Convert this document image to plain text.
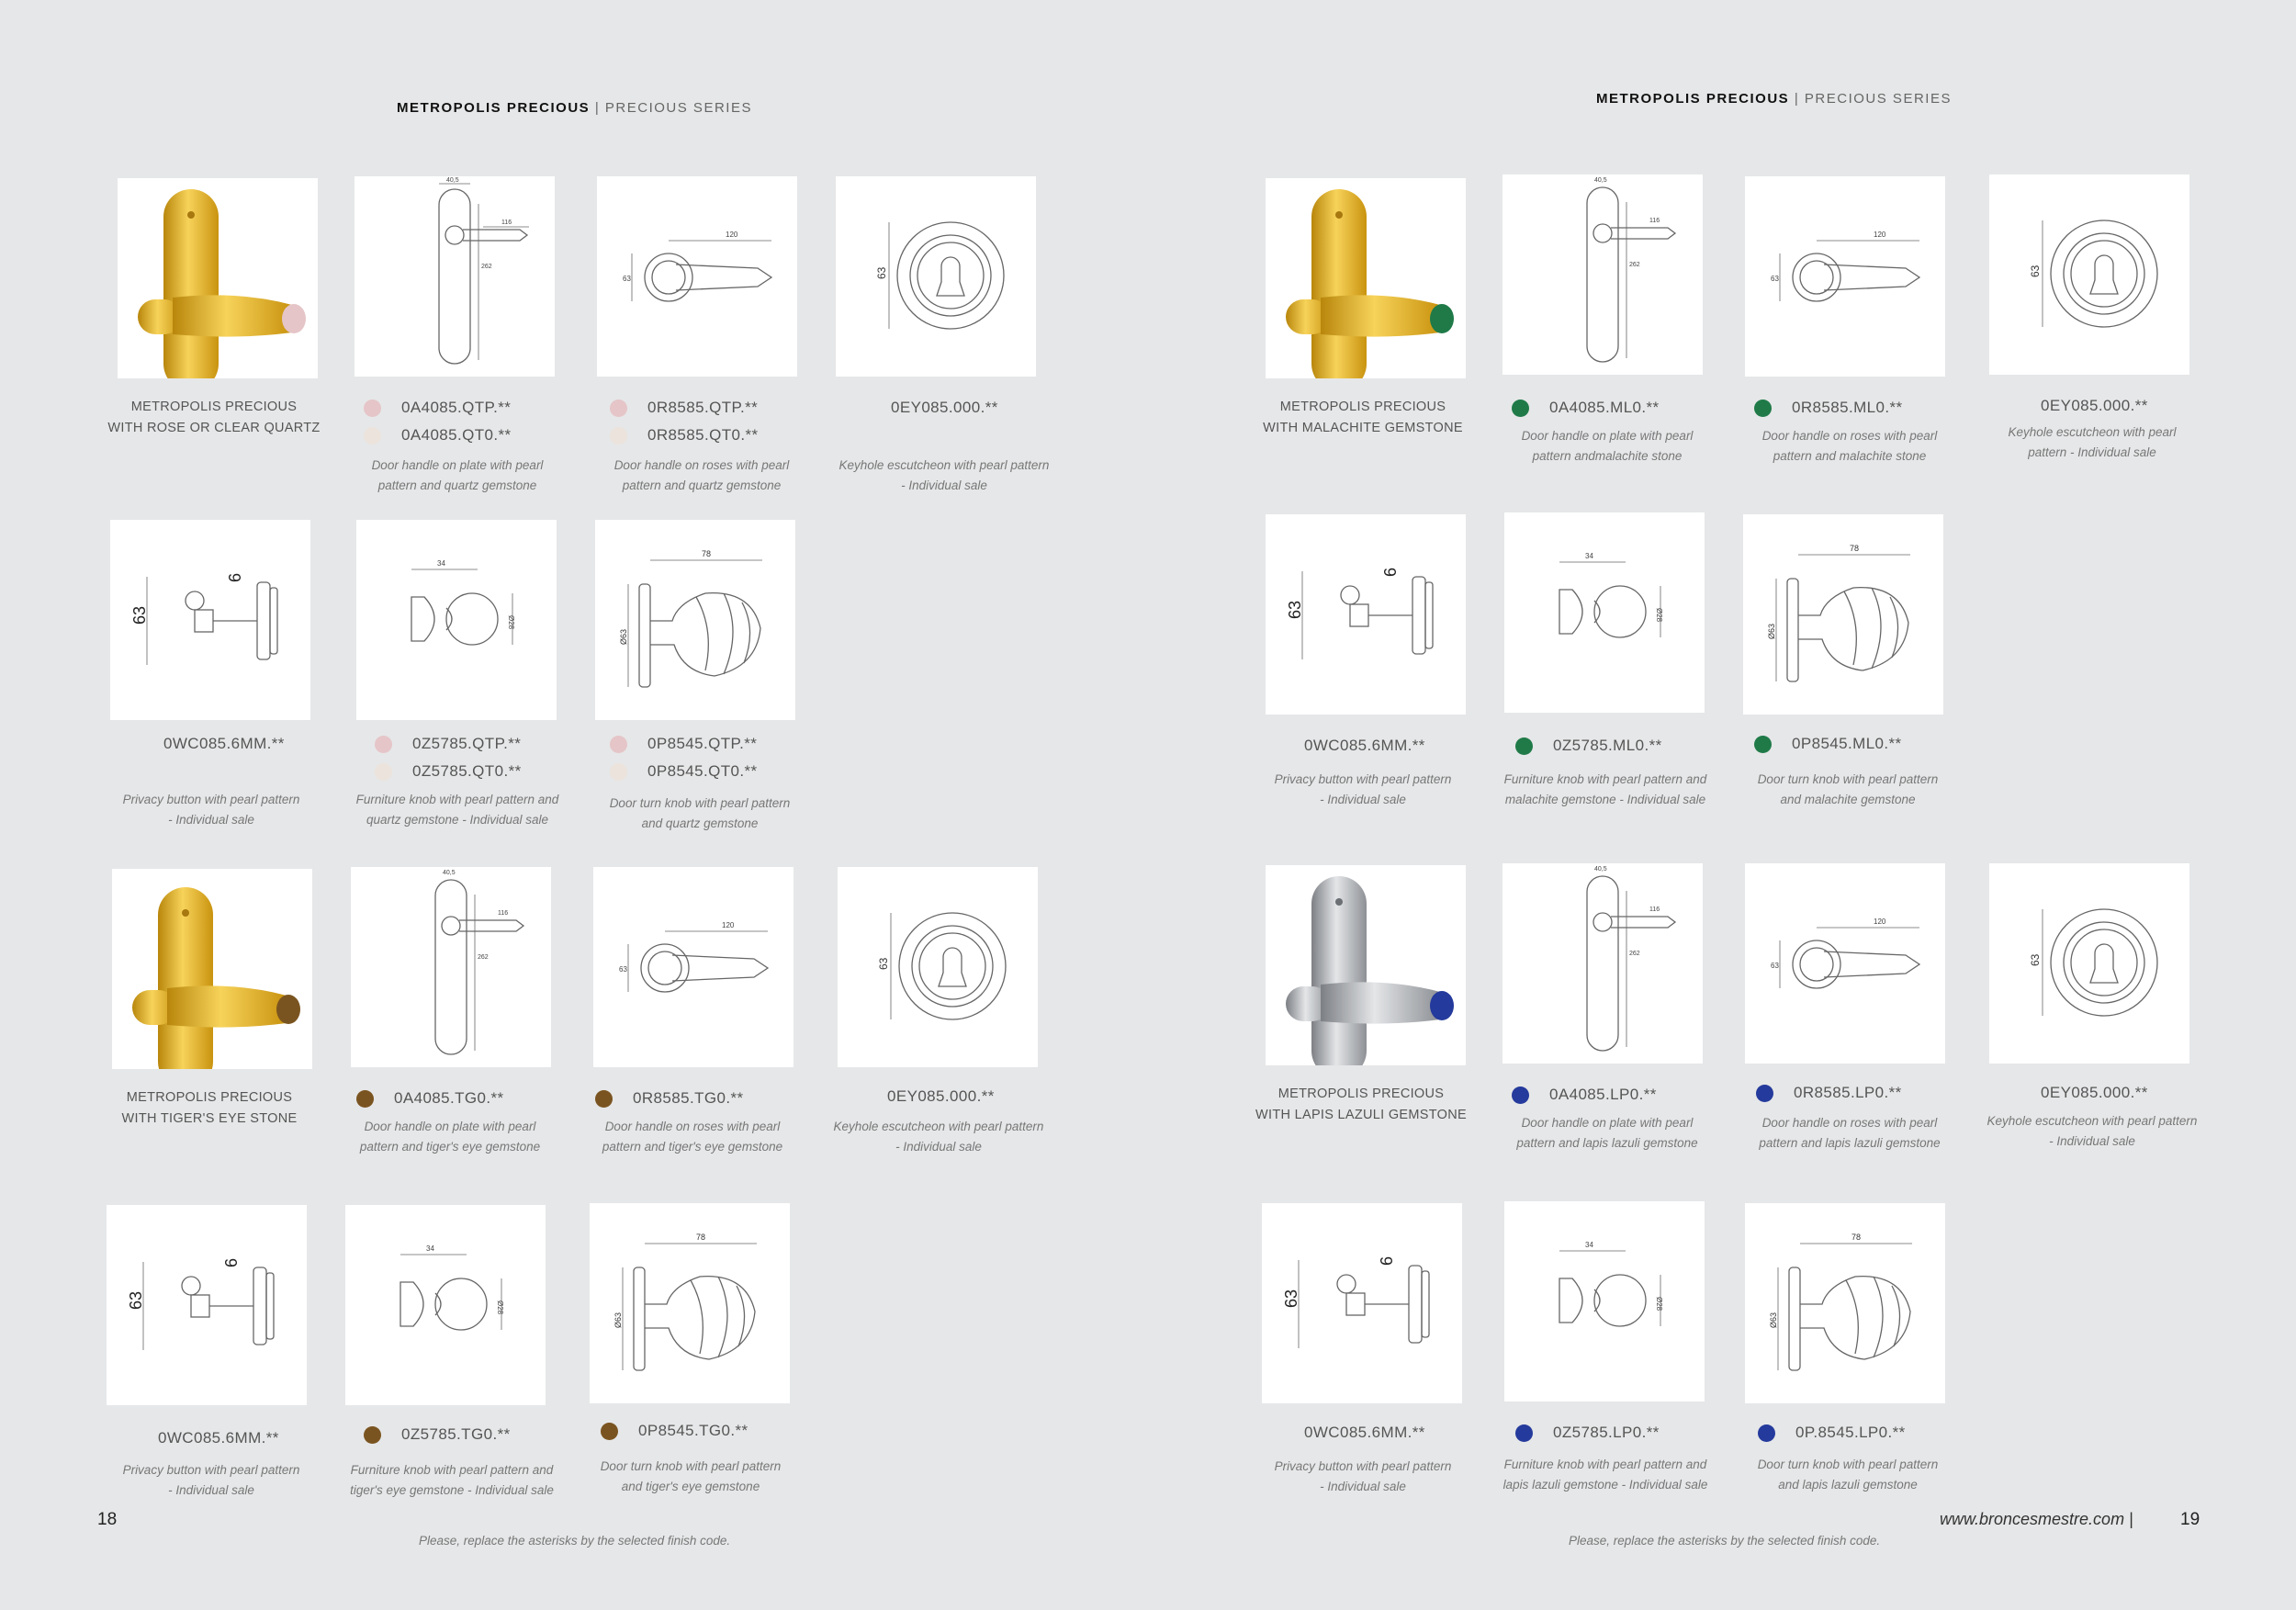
METROPOLIS PRECIOUS | PRECIOUS SERIES
METROPOLIS PRECIOUS | PRECIOUS SERIES
METROPOLIS PRECIOUS
WITH ROSE OR CLEAR QUARTZ
40,5
116
262
0A4085.QTP.**
0A4085.QT0.**
Door handle on plate with pearl
pattern and quartz gemstone
120
63
0R8585.QTP.**
0R8585.QT0.**
Door handle on roses with pearl
pattern and quartz gemstone
63
0EY085.000.**
Keyhole escutcheon with pearl pattern
- Individual sale
63
6
0WC085.6MM.**
Privacy button with pearl pattern
- Individual sale
34
Ø28
0Z5785.QTP.**
0Z5785.QT0.**
Furniture knob with pearl pattern and
quartz gemstone - Individual sale
78
Ø63
0P8545.QTP.**
0P8545.QT0.**
Door turn knob with pearl pattern
and quartz gemstone
METROPOLIS PRECIOUS
WITH TIGER'S EYE STONE
40,5
116
262
0A4085.TG0.**
Door handle on plate with pearl
pattern and tiger's eye gemstone
120
63
0R8585.TG0.**
Door handle on roses with pearl
pattern and tiger's eye gemstone
63
0EY085.000.**
Keyhole escutcheon with pearl pattern
- Individual sale
63
6
0WC085.6MM.**
Privacy button with pearl pattern
- Individual sale
34
Ø28
0Z5785.TG0.**
Furniture knob with pearl pattern and
tiger's eye gemstone - Individual sale
78
Ø63
0P8545.TG0.**
Door turn knob with pearl pattern
and tiger's eye gemstone
18
Please, replace the asterisks by the selected finish code.
METROPOLIS PRECIOUS
WITH MALACHITE GEMSTONE
40,5
116
262
0A4085.ML0.**
Door handle on plate with pearl
pattern andmalachite stone
120
63
0R8585.ML0.**
Door handle on roses with pearl
pattern and malachite stone
63
0EY085.000.**
Keyhole escutcheon with pearl
pattern - Individual sale
63
6
0WC085.6MM.**
Privacy button with pearl pattern
- Individual sale
34
Ø28
0Z5785.ML0.**
Furniture knob with pearl pattern and
malachite gemstone - Individual sale
78
Ø63
0P8545.ML0.**
Door turn knob with pearl pattern
and malachite gemstone
METROPOLIS PRECIOUS
WITH LAPIS LAZULI GEMSTONE
40,5
116
262
0A4085.LP0.**
Door handle on plate with pearl
pattern and lapis lazuli gemstone
120
63
0R8585.LP0.**
Door handle on roses with pearl
pattern and lapis lazuli gemstone
63
0EY085.000.**
Keyhole escutcheon with pearl pattern
- Individual sale
63
6
0WC085.6MM.**
Privacy button with pearl pattern
- Individual sale
34
Ø28
0Z5785.LP0.**
Furniture knob with pearl pattern and
lapis lazuli gemstone - Individual sale
78
Ø63
0P.8545.LP0.**
Door turn knob with pearl pattern
and lapis lazuli gemstone
www.broncesmestre.com |	19
Please, replace the asterisks by the selected finish code.
